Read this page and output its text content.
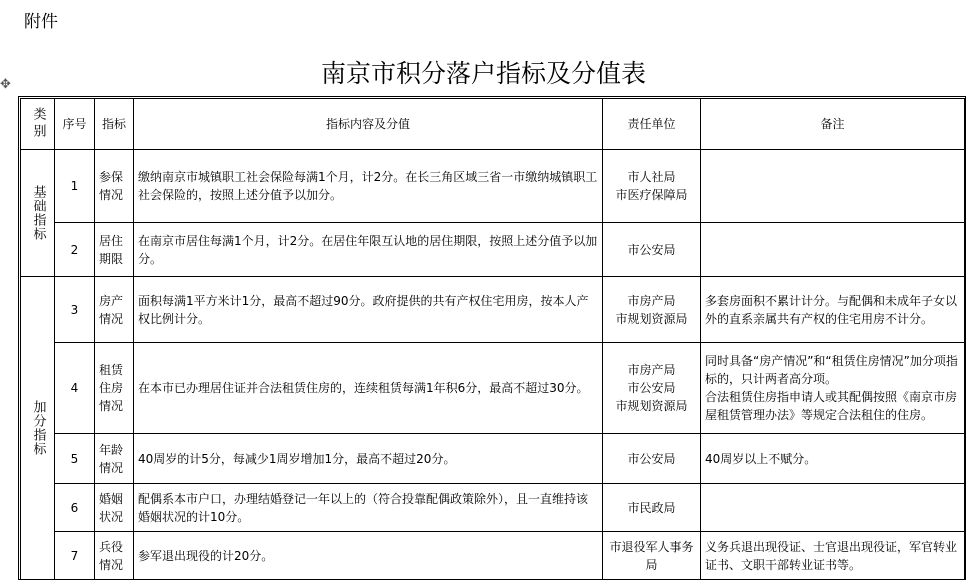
附件
南京市积分落户指标及分值表
✥
类别	序号	指标	指标内容及分值	责任单位	备注

基础指标	1	参保情况	缴纳南京市城镇职工社会保险每满1个月，计2分。在长三角区域三省一市缴纳城镇职工社会保险的，按照上述分值予以加分。	市人社局
市医疗保障局	
	2	居住期限	在南京市居住每满1个月，计2分。在居住年限互认地的居住期限，按照上述分值予以加分。	市公安局	

加分指标	3	房产情况	面积每满1平方米计1分，最高不超过90分。政府提供的共有产权住宅用房，按本人产权比例计分。	市房产局
市规划资源局	多套房面积不累计计分。与配偶和未成年子女以外的直系亲属共有产权的住宅用房不计分。
	4	租赁住房情况	在本市已办理居住证并合法租赁住房的，连续租赁每满1年积6分，最高不超过30分。	市房产局
市公安局
市规划资源局	同时具备“房产情况”和“租赁住房情况”加分项指标的，只计两者高分项。
合法租赁住房指申请人或其配偶按照《南京市房屋租赁管理办法》等规定合法租住的住房。
	5	年龄情况	40周岁的计5分，每减少1周岁增加1分，最高不超过20分。	市公安局	40周岁以上不赋分。
	6	婚姻状况	配偶系本市户口，办理结婚登记一年以上的（符合投靠配偶政策除外），且一直维持该婚姻状况的计10分。	市民政局	
	7	兵役情况	参军退出现役的计20分。	市退役军人事务局	义务兵退出现役证、士官退出现役证，军官转业证书、文职干部转业证书等。
